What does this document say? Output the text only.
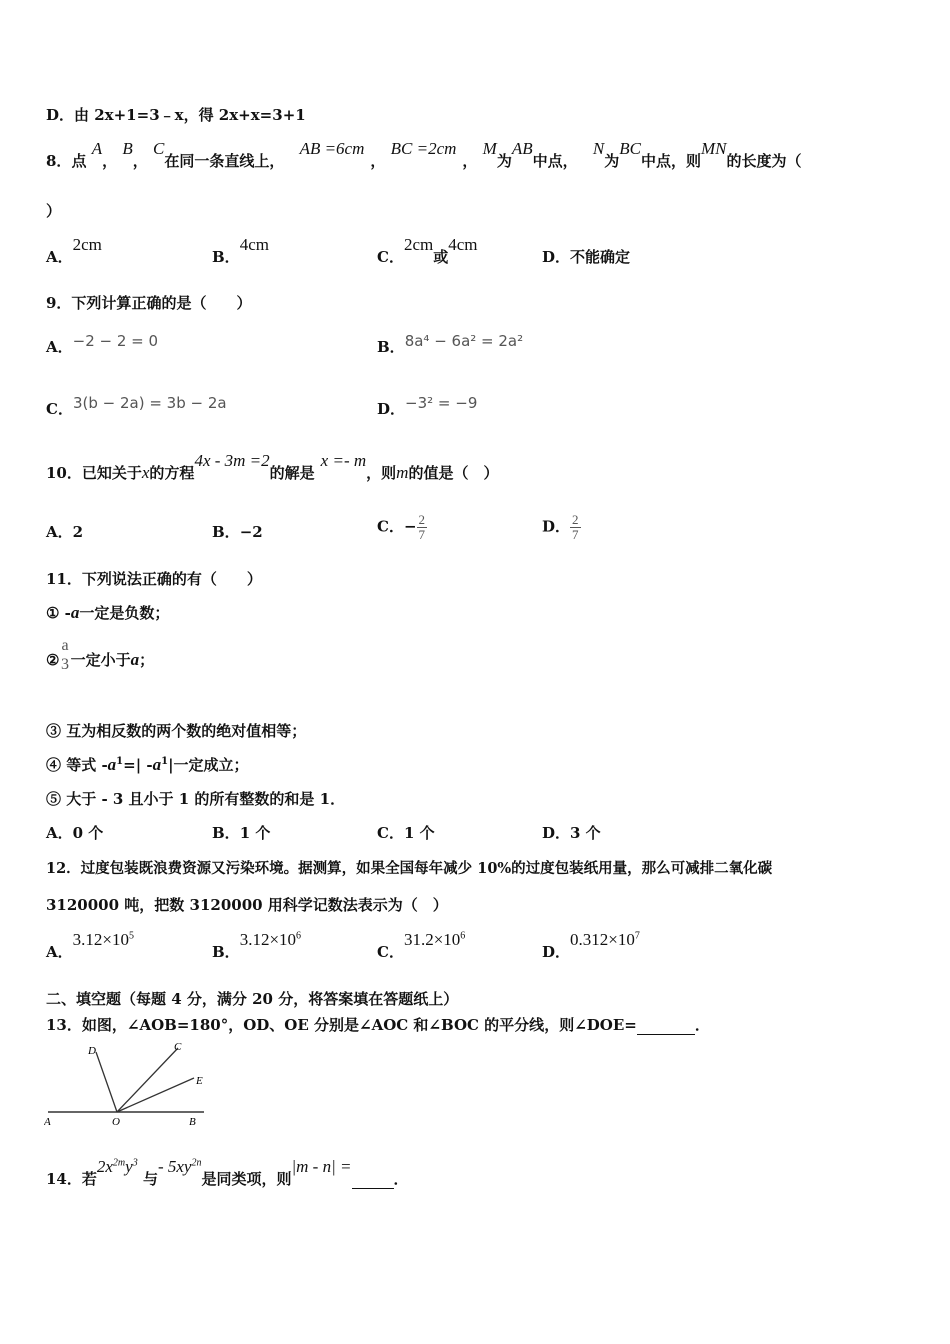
D．由 2x+1=3﹣x，得 2x+x=3+1
8．点 A， B， C在同一条直线上， AB =6cm， BC =2cm， M为AB中点， N为BC中点，则MN的长度为（
）
A．2cm
B．4cm
C．2cm或4cm
D．不能确定
9．下列计算正确的是（　　）
A．−2 − 2 = 0	B．8a⁴ − 6a² = 2a²
C．3(b − 2a) = 3b − 2a	D．−3² = −9
10．已知关于x的方程4x - 3m =2的解是x =- m，则m的值是（　）
A．2	B．−2	C．− $\frac{2}{7}$	D． $\frac{2}{7}$
11．下列说法正确的有（　　）
① -a一定是负数；
② $\frac{a}{3}$ 一定小于a；
③ 互为相反数的两个数的绝对值相等；
④ 等式 $-a^1=|$ $-a^1|$一定成立；
⑤ 大于 - 3 且小于 1 的所有整数的和是 1．
A．0 个	B．1 个	C．1 个	D．3 个
12．过度包装既浪费资源又污染环境。据测算，如果全国每年减少 10%的过度包装纸用量，那么可减排二氧化碳
3120000 吨，把数 3120000 用科学记数法表示为（　）
A．$3.12\times 10^5$
B．$3.12\times 10^6$
C．$31.2\times 10^6$
D．$0.312\times 10^7$
二、填空题（每题 4 分，满分 20 分，将答案填在答题纸上）
13．如图，∠AOB=180°，OD、OE 分别是∠AOC 和∠BOC 的平分线，则∠DOE=	．
A	O	B
C
D
E
14．若$2x^{2m}y^3$ 与- $5xy^{2n}$是同类项，则|m - n| = ．
